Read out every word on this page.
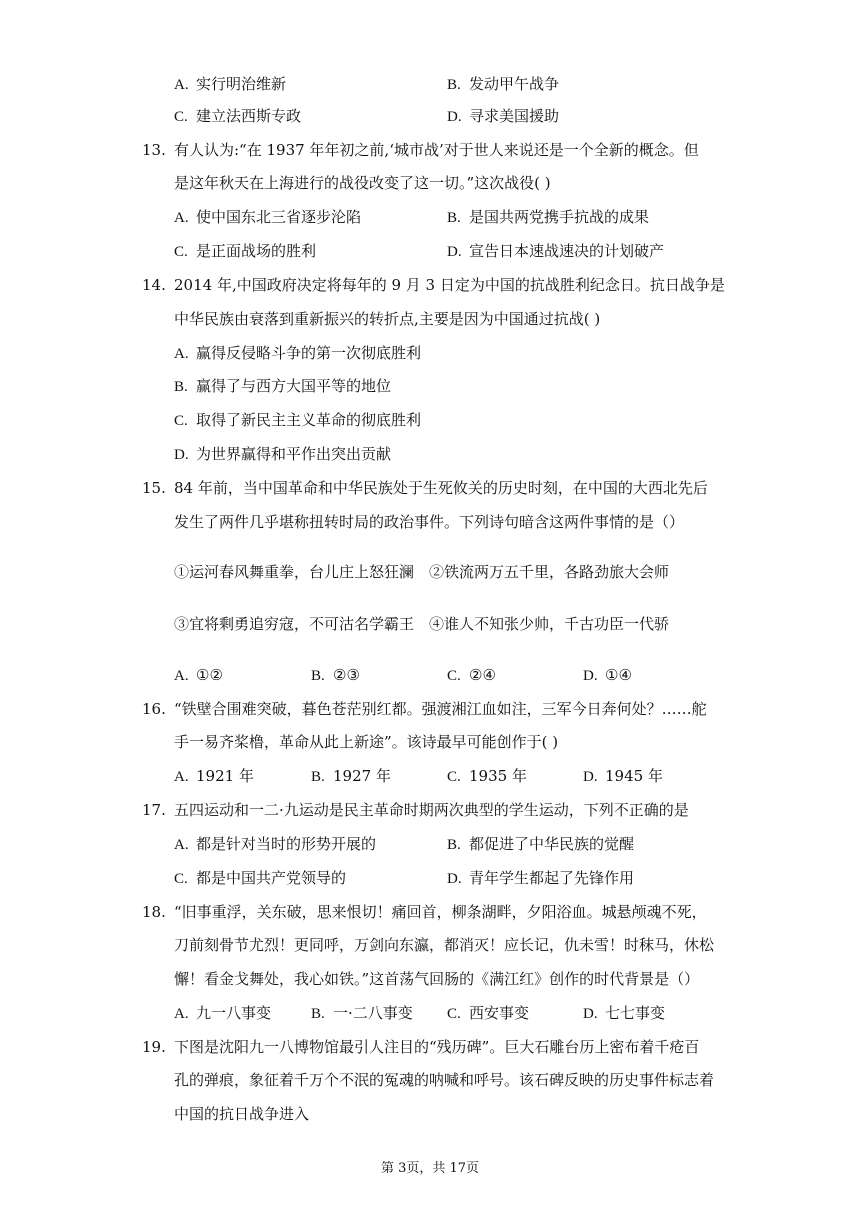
A. 实行明治维新	B. 发动甲午战争
C. 建立法西斯专政	D. 寻求美国援助
13. 有人认为:“在 1937 年年初之前,‘城市战’对于世人来说还是一个全新的概念。但
是这年秋天在上海进行的战役改变了这一切。”这次战役( )
A. 使中国东北三省逐步沦陷	B. 是国共两党携手抗战的成果
C. 是正面战场的胜利	D. 宣告日本速战速决的计划破产
14. 2014 年,中国政府决定将每年的 9 月 3 日定为中国的抗战胜利纪念日。抗日战争是
中华民族由衰落到重新振兴的转折点,主要是因为中国通过抗战( )
A. 赢得反侵略斗争的第一次彻底胜利
B. 赢得了与西方大国平等的地位
C. 取得了新民主主义革命的彻底胜利
D. 为世界赢得和平作出突出贡献
15. 84 年前，当中国革命和中华民族处于生死攸关的历史时刻，在中国的大西北先后
发生了两件几乎堪称扭转时局的政治事件。下列诗句暗含这两件事情的是（）
①运河春风舞重拳，台儿庄上怒狂澜　②铁流两万五千里，各路劲旅大会师
③宜将剩勇追穷寇，不可沽名学霸王　④谁人不知张少帅，千古功臣一代骄
A. ①②	B. ②③	C. ②④	D. ①④
16. “铁壁合围难突破，暮色苍茫别红都。强渡湘江血如注，三军今日奔何处？……舵
手一易齐桨橹，革命从此上新途”。该诗最早可能创作于( )
A. 1921 年	B. 1927 年	C. 1935 年	D. 1945 年
17. 五四运动和一二·九运动是民主革命时期两次典型的学生运动，下列不正确的是
A. 都是针对当时的形势开展的	B. 都促进了中华民族的觉醒
C. 都是中国共产党领导的	D. 青年学生都起了先锋作用
18. “旧事重浮，关东破，思来恨切！痛回首，柳条湖畔，夕阳浴血。城悬颅魂不死，
刀前刻骨节尤烈！更同呼，万剑向东瀛，都消灭！应长记，仇未雪！时秣马，休松
懈！看金戈舞处，我心如铁。”这首荡气回肠的《满江红》创作的时代背景是（）
A. 九一八事变	B. 一·二八事变 C. 西安事变	D. 七七事变
19. 下图是沈阳九一八博物馆最引人注目的“残历碑”。巨大石雕台历上密布着千疮百
孔的弹痕，象征着千万个不泯的冤魂的呐喊和呼号。该石碑反映的历史事件标志着
中国的抗日战争进入
第 3页，共 17页
